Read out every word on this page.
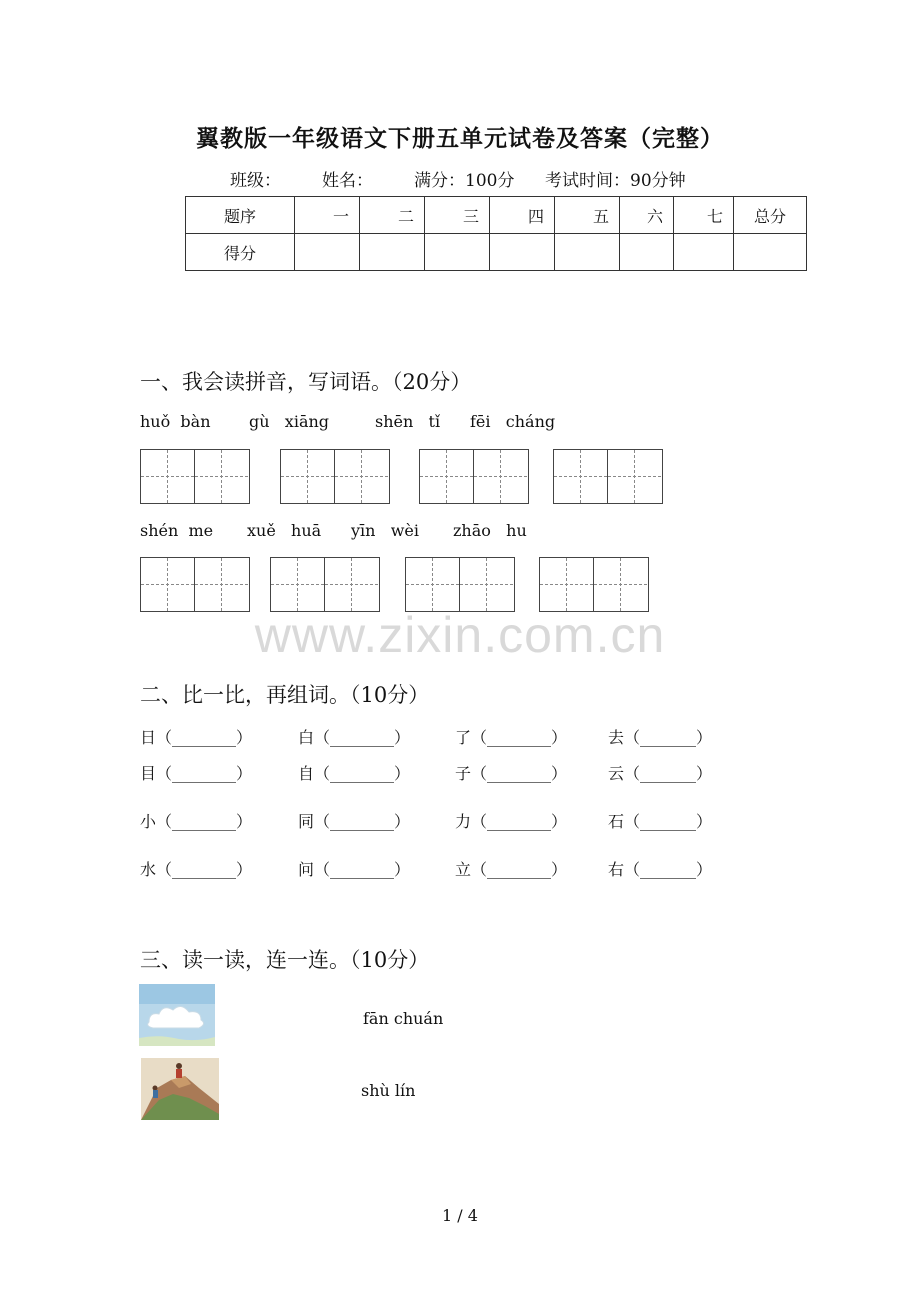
翼教版一年级语文下册五单元试卷及答案（完整）
班级： 姓名： 满分：100分 考试时间：90分钟
题序	一	二	三	四	五	六	七	总分
得分								
一、我会读拼音，写词语。（20分）
huǒ  bàn gù   xiāng	shēn   tǐ fēi   cháng
shén  me xuě   huā yīn   wèi zhāo   hu
www.zixin.com.cn
二、比一比，再组词。（10分）
日（________）	白（________）	了（________）	去（_______）
目（________）	自（________）	子（________）	云（_______）
小（________）	同（________）	力（________）	石（_______）
水（________）	问（________）	立（________）	右（_______）
三、读一读，连一连。（10分）
fān chuán
shù lín
1 / 4
